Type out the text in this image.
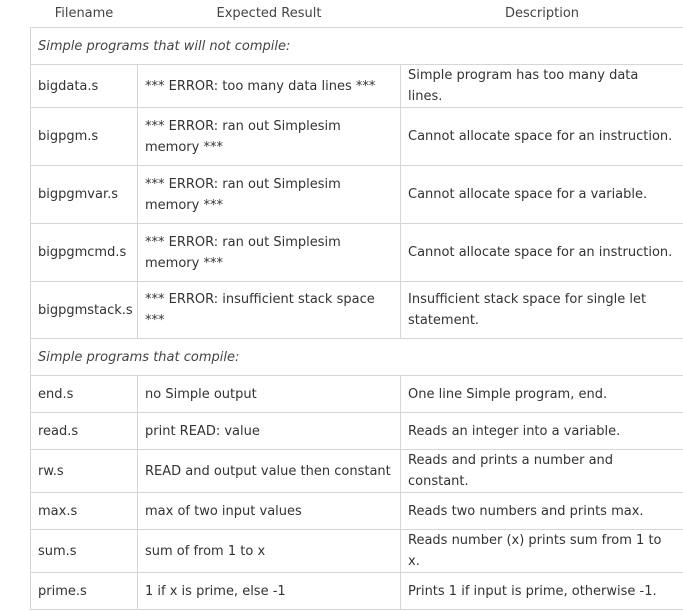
Filename	Expected Result	Description
Simple programs that will not compile:		
bigdata.s	*** ERROR: too many data lines ***	Simple program has too many data lines.
bigpgm.s	*** ERROR: ran out Simplesim memory ***	Cannot allocate space for an instruction.
bigpgmvar.s	*** ERROR: ran out Simplesim memory ***	Cannot allocate space for a variable.
bigpgmcmd.s	*** ERROR: ran out Simplesim memory ***	Cannot allocate space for an instruction.
bigpgmstack.s	*** ERROR: insufficient stack space ***	Insufficient stack space for single let statement.
Simple programs that compile:		
end.s	no Simple output	One line Simple program, end.
read.s	print READ: value	Reads an integer into a variable.
rw.s	READ and output value then constant	Reads and prints a number and constant.
max.s	max of two input values	Reads two numbers and prints max.
sum.s	sum of from 1 to x	Reads number (x) prints sum from 1 to x.
prime.s	1 if x is prime, else -1	Prints 1 if input is prime, otherwise -1.
